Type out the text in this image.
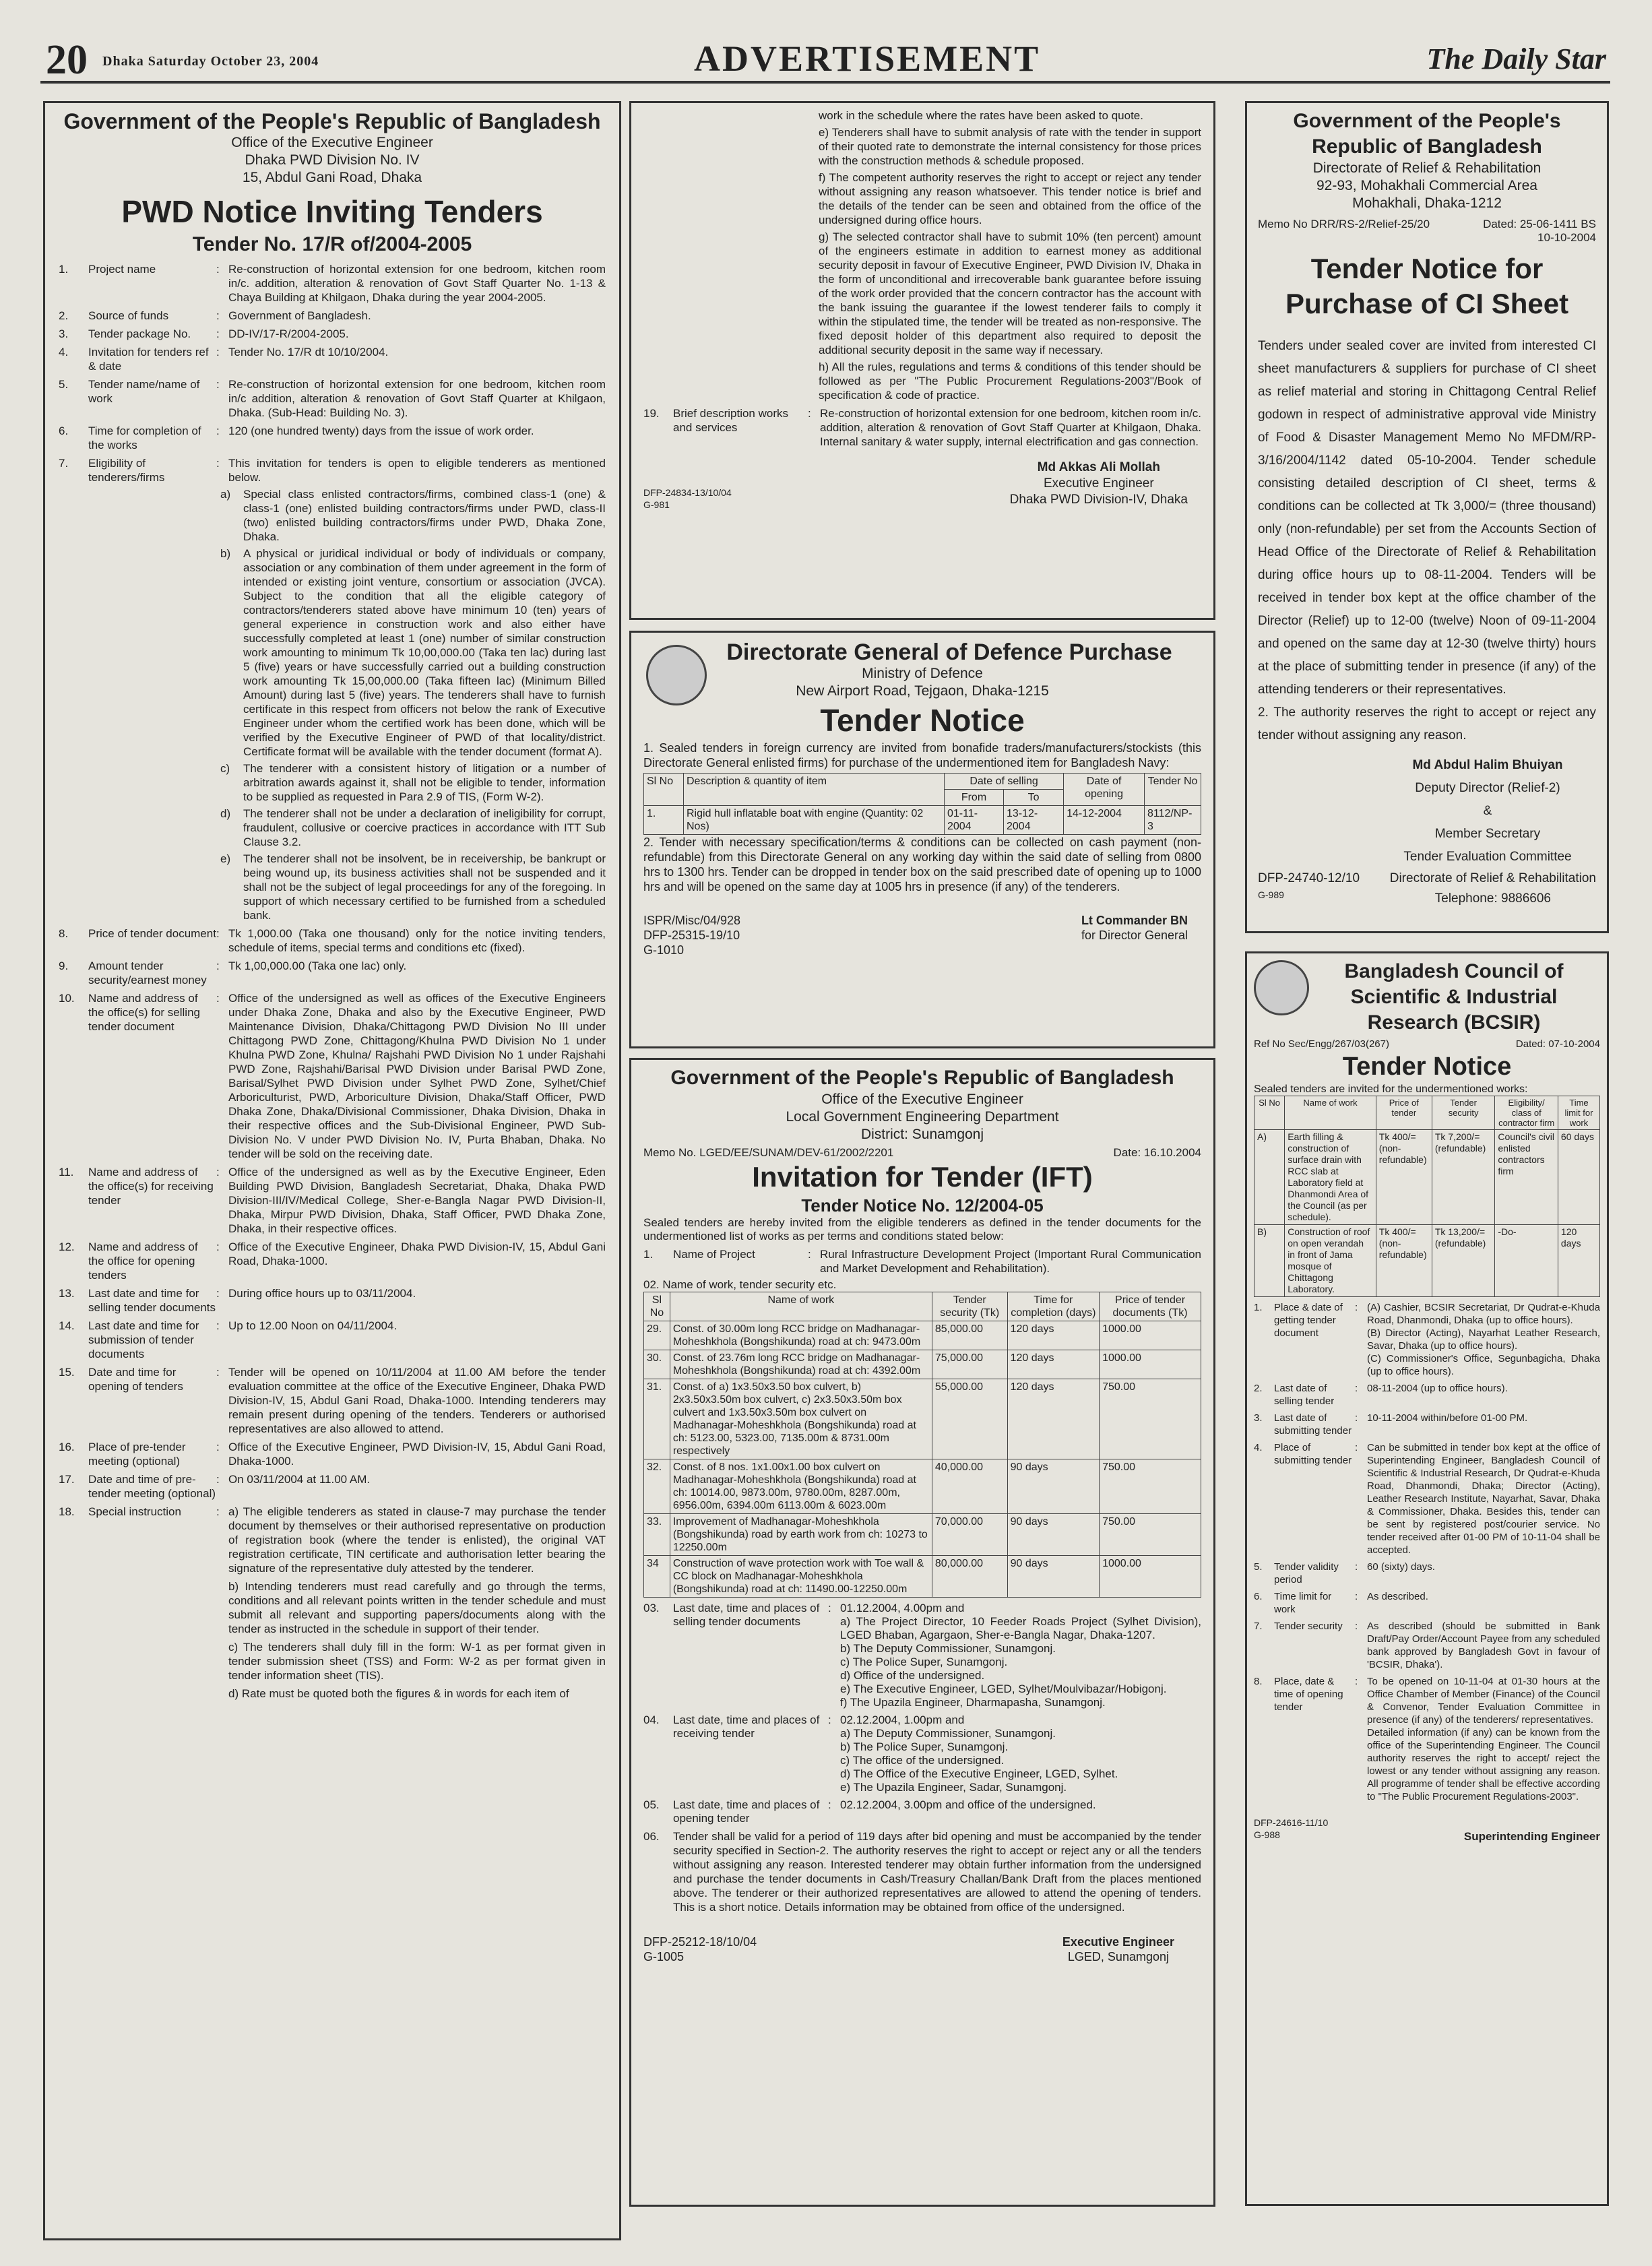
20 Dhaka Saturday October 23, 2004	ADVERTISEMENT	The Daily Star
Government of the People's Republic of Bangladesh
Office of the Executive Engineer
Dhaka PWD Division No. IV
15, Abdul Gani Road, Dhaka
PWD Notice Inviting Tenders
Tender No. 17/R of/2004-2005
1.	Project name	: Re-construction of horizontal extension for one bedroom, kitchen room in/c. addition, alteration & renovation of Govt Staff Quarter No. 1-13 & Chaya Building at Khilgaon, Dhaka during the year 2004-2005.
2.	Source of funds	: Government of Bangladesh.
3.	Tender package No.	: DD-IV/17-R/2004-2005.
4.	Invitation for tenders ref & date
: Tender No. 17/R dt 10/10/2004.
5.	Tender name/name of work
: Re-construction of horizontal extension for one bedroom, kitchen room in/c addition, alteration & renovation of Govt Staff Quarter at Khilgaon, Dhaka. (Sub-Head: Building No. 3).
6.	Time for completion of the works
: 120 (one hundred twenty) days from the issue of work order.
7.	Eligibility of tenderers/firms
: This invitation for tenders is open to eligible tenderers as mentioned below.
a)	Special class enlisted contractors/firms, combined class-1 (one) & class-1 (one) enlisted building contractors/firms under PWD, class-II (two) enlisted building contractors/firms under PWD, Dhaka Zone, Dhaka.
b)	A physical or juridical individual or body of individuals or company, association or any combination of them under agreement in the form of intended or existing joint venture, consortium or association (JVCA). Subject to the condition that all the eligible category of contractors/tenderers stated above have minimum 10 (ten) years of general experience in construction work and also either have successfully completed at least 1 (one) number of similar construction work amounting to minimum Tk 10,00,000.00 (Taka ten lac) during last 5 (five) years or have successfully carried out a building construction work amounting Tk 15,00,000.00 (Taka fifteen lac) (Minimum Billed Amount) during last 5 (five) years. The tenderers shall have to furnish certificate in this respect from officers not below the rank of Executive Engineer under whom the certified work has been done, which will be verified by the Executive Engineer of PWD of that locality/district. Certificate format will be available with the tender document (format A).
c)	The tenderer with a consistent history of litigation or a number of arbitration awards against it, shall not be eligible to tender, information to be supplied as requested in Para 2.9 of TIS, (Form W-2).
d)	The tenderer shall not be under a declaration of ineligibility for corrupt, fraudulent, collusive or coercive practices in accordance with ITT Sub Clause 3.2.
e)	The tenderer shall not be insolvent, be in receivership, be bankrupt or being wound up, its business activities shall not be suspended and it shall not be the subject of legal proceedings for any of the foregoing. In support of which necessary certified to be furnished from a scheduled bank.
8.	Price of tender document : Tk 1,000.00 (Taka one thousand) only for the notice inviting tenders, schedule of items, special terms and conditions etc (fixed).
9.	Amount tender security/earnest money
: Tk 1,00,000.00 (Taka one lac) only.
10.	Name and address of the office(s) for selling tender document
: Office of the undersigned as well as offices of the Executive Engineers under Dhaka Zone, Dhaka and also by the Executive Engineer, PWD Maintenance Division, Dhaka/Chittagong PWD Division No III under Chittagong PWD Zone, Chittagong/Khulna PWD Division No 1 under Khulna PWD Zone, Khulna/ Rajshahi PWD Division No 1 under Rajshahi PWD Zone, Rajshahi/Barisal PWD Division under Barisal PWD Zone, Barisal/Sylhet PWD Division under Sylhet PWD Zone, Sylhet/Chief Arboriculturist, PWD, Arboriculture Division, Dhaka/Staff Officer, PWD Dhaka Zone, Dhaka/Divisional Commissioner, Dhaka Division, Dhaka in their respective offices and the Sub-Divisional Engineer, PWD Sub-Division No. V under PWD Division No. IV, Purta Bhaban, Dhaka. No tender will be sold on the receiving date.
11.	Name and address of the office(s) for receiving tender
: Office of the undersigned as well as by the Executive Engineer, Eden Building PWD Division, Bangladesh Secretariat, Dhaka, Dhaka PWD Division-III/IV/Medical College, Sher-e-Bangla Nagar PWD Division-II, Dhaka, Mirpur PWD Division, Dhaka, Staff Officer, PWD Dhaka Zone, Dhaka, in their respective offices.
12.	Name and address of the office for opening tenders
: Office of the Executive Engineer, Dhaka PWD Division-IV, 15, Abdul Gani Road, Dhaka-1000.
13.	Last date and time for selling tender documents
: During office hours up to 03/11/2004.
14.	Last date and time for submission of tender documents
: Up to 12.00 Noon on 04/11/2004.
15.	Date and time for opening of tenders
: Tender will be opened on 10/11/2004 at 11.00 AM before the tender evaluation committee at the office of the Executive Engineer, Dhaka PWD Division-IV, 15, Abdul Gani Road, Dhaka-1000. Intending tenderers may remain present during opening of the tenders. Tenderers or authorised representatives are also allowed to attend.
16.	Place of pre-tender meeting (optional)
: Office of the Executive Engineer, PWD Division-IV, 15, Abdul Gani Road, Dhaka-1000.
17.	Date and time of pre-tender meeting (optional)
: On 03/11/2004 at 11.00 AM.
18.	Special instruction	: a) The eligible tenderers as stated in clause-7 may purchase the tender document by themselves or their authorised representative on production of registration book (where the tender is enlisted), the original VAT registration certificate, TIN certificate and authorisation letter bearing the signature of the representative duly attested by the tenderer.
b) Intending tenderers must read carefully and go through the terms, conditions and all relevant points written in the tender schedule and must submit all relevant and supporting papers/documents along with the tender as instructed in the schedule in support of their tender.
c) The tenderers shall duly fill in the form: W-1 as per format given in tender submission sheet (TSS) and Form: W-2 as per format given in tender information sheet (TIS).
d) Rate must be quoted both the figures & in words for each item of
work in the schedule where the rates have been asked to quote.
e) Tenderers shall have to submit analysis of rate with the tender in support of their quoted rate to demonstrate the internal consistency for those prices with the construction methods & schedule proposed.
f) The competent authority reserves the right to accept or reject any tender without assigning any reason whatsoever. This tender notice is brief and the details of the tender can be seen and obtained from the office of the undersigned during office hours.
g) The selected contractor shall have to submit 10% (ten percent) amount of the engineers estimate in addition to earnest money as additional security deposit in favour of Executive Engineer, PWD Division IV, Dhaka in the form of unconditional and irrecoverable bank guarantee before issuing of the work order provided that the concern contractor has the account with the bank issuing the guarantee if the lowest tenderer fails to comply it within the stipulated time, the tender will be treated as non-responsive. The fixed deposit holder of this department also required to deposit the additional security deposit in the same way if necessary.
h) All the rules, regulations and terms & conditions of this tender should be followed as per "The Public Procurement Regulations-2003"/Book of specification & code of practice.
19.	Brief description works and services
: Re-construction of horizontal extension for one bedroom, kitchen room in/c. addition, alteration & renovation of Govt Staff Quarter at Khilgaon, Dhaka. Internal sanitary & water supply, internal electrification and gas connection.
DFP-24834-13/10/04
G-981
Md Akkas Ali Mollah
Executive Engineer
Dhaka PWD Division-IV, Dhaka
Directorate General of Defence Purchase
Ministry of Defence
New Airport Road, Tejgaon, Dhaka-1215
Tender Notice
1. Sealed tenders in foreign currency are invited from bonafide traders/manufacturers/stockists (this Directorate General enlisted firms) for purchase of the undermentioned item for Bangladesh Navy:
Sl No	Description & quantity of item	Date of selling		Date of opening	Tender No
		From	To		
1.	Rigid hull inflatable boat with engine (Quantity: 02 Nos)	01-11-2004	13-12-2004	14-12-2004	8112/NP-3
2. Tender with necessary specification/terms & conditions can be collected on cash payment (non-refundable) from this Directorate General on any working day within the said date of selling from 0800 hrs to 1300 hrs. Tender can be dropped in tender box on the said prescribed date of opening up to 1000 hrs and will be opened on the same day at 1005 hrs in presence (if any) of the tenderers.
ISPR/Misc/04/928
DFP-25315-19/10
G-1010
Lt Commander BN
for Director General
Government of the People's Republic of Bangladesh
Office of the Executive Engineer
Local Government Engineering Department
District: Sunamgonj
Memo No. LGED/EE/SUNAM/DEV-61/2002/2201	Date: 16.10.2004
Invitation for Tender (IFT)
Tender Notice No. 12/2004-05
Sealed tenders are hereby invited from the eligible tenderers as defined in the tender documents for the undermentioned list of works as per terms and conditions stated below:
1.	Name of Project	: Rural Infrastructure Development Project (Important Rural Communication and Market Development and Rehabilitation).
02. Name of work, tender security etc.
Sl No	Name of work	Tender security (Tk)	Time for completion (days)	Price of tender documents (Tk)
29.	Const. of 30.00m long RCC bridge on Madhanagar-Moheshkhola (Bongshikunda) road at ch: 9473.00m	85,000.00	120 days	1000.00
30.	Const. of 23.76m long RCC bridge on Madhanagar-Moheshkhola (Bongshikunda) road at ch: 4392.00m	75,000.00	120 days	1000.00
31.	Const. of a) 1x3.50x3.50 box culvert, b) 2x3.50x3.50m box culvert, c) 2x3.50x3.50m box culvert and 1x3.50x3.50m box culvert on Madhanagar-Moheshkhola (Bongshikunda) road at ch: 5123.00, 5323.00, 7135.00m & 8731.00m respectively	55,000.00	120 days	750.00
32.	Const. of 8 nos. 1x1.00x1.00 box culvert on Madhanagar-Moheshkhola (Bongshikunda) road at ch: 10014.00, 9873.00m, 9780.00m, 8287.00m, 6956.00m, 6394.00m 6113.00m & 6023.00m	40,000.00	90 days	750.00
33.	Improvement of Madhanagar-Moheshkhola (Bongshikunda) road by earth work from ch: 10273 to 12250.00m	70,000.00	90 days	750.00
34	Construction of wave protection work with Toe wall & CC block on Madhanagar-Moheshkhola (Bongshikunda) road at ch: 11490.00-12250.00m	80,000.00	90 days	1000.00
03.	Last date, time and places of selling tender documents
: 01.12.2004, 4.00pm and
a) The Project Director, 10 Feeder Roads Project (Sylhet Division), LGED Bhaban, Agargaon, Sher-e-Bangla Nagar, Dhaka-1207.
b) The Deputy Commissioner, Sunamgonj.
c) The Police Super, Sunamgonj.
d) Office of the undersigned.
e) The Executive Engineer, LGED, Sylhet/Moulvibazar/Hobigonj.
f) The Upazila Engineer, Dharmapasha, Sunamgonj.
04.	Last date, time and places of receiving tender
: 02.12.2004, 1.00pm and
a) The Deputy Commissioner, Sunamgonj.
b) The Police Super, Sunamgonj.
c) The office of the undersigned.
d) The Office of the Executive Engineer, LGED, Sylhet.
e) The Upazila Engineer, Sadar, Sunamgonj.
05.	Last date, time and places of opening tender
: 02.12.2004, 3.00pm and office of the undersigned.
06.	Tender shall be valid for a period of 119 days after bid opening and must be accompanied by the tender security specified in Section-2. The authority reserves the right to accept or reject any or all the tenders without assigning any reason. Interested tenderer may obtain further information from the undersigned and purchase the tender documents in Cash/Treasury Challan/Bank Draft from the places mentioned above. The tenderer or their authorized representatives are allowed to attend the opening of tenders. This is a short notice. Details information may be obtained from office of the undersigned.
DFP-25212-18/10/04
G-1005
Executive Engineer
LGED, Sunamgonj
Government of the People's Republic of Bangladesh
Directorate of Relief & Rehabilitation
92-93, Mohakhali Commercial Area
Mohakhali, Dhaka-1212
Memo No DRR/RS-2/Relief-25/20	Dated: 25-06-1411 BS
10-10-2004
Tender Notice for Purchase of CI Sheet
Tenders under sealed cover are invited from interested CI sheet manufacturers & suppliers for purchase of CI sheet as relief material and storing in Chittagong Central Relief godown in respect of administrative approval vide Ministry of Food & Disaster Management Memo No MFDM/RP-3/16/2004/1142 dated 05-10-2004. Tender schedule consisting detailed description of CI sheet, terms & conditions can be collected at Tk 3,000/= (three thousand) only (non-refundable) per set from the Accounts Section of Head Office of the Directorate of Relief & Rehabilitation during office hours up to 08-11-2004. Tenders will be received in tender box kept at the office chamber of the Director (Relief) up to 12-00 (twelve) Noon of 09-11-2004 and opened on the same day at 12-30 (twelve thirty) hours at the place of submitting tender in presence (if any) of the attending tenderers or their representatives.
2. The authority reserves the right to accept or reject any tender without assigning any reason.
Md Abdul Halim Bhuiyan
Deputy Director (Relief-2)
&
Member Secretary
Tender Evaluation Committee
DFP-24740-12/10
G-989
Directorate of Relief & Rehabilitation
Telephone: 9886606
Bangladesh Council of Scientific & Industrial Research (BCSIR)
Ref No Sec/Engg/267/03(267)	Dated: 07-10-2004
Tender Notice
Sealed tenders are invited for the undermentioned works:
Sl No	Name of work	Price of tender	Tender security	Eligibility/ class of contractor firm	Time limit for work
A)	Earth filling & construction of surface drain with RCC slab at Laboratory field at Dhanmondi Area of the Council (as per schedule).	Tk 400/= (non-refundable)	Tk 7,200/= (refundable)	Council's civil enlisted contractors firm	60 days
B)	Construction of roof on open verandah in front of Jama mosque of Chittagong Laboratory.	Tk 400/= (non-refundable)	Tk 13,200/= (refundable)	-Do-	120 days
1.	Place & date of getting tender document
: (A) Cashier, BCSIR Secretariat, Dr Qudrat-e-Khuda Road, Dhanmondi, Dhaka (up to office hours).
(B) Director (Acting), Nayarhat Leather Research, Savar, Dhaka (up to office hours).
(C) Commissioner's Office, Segunbagicha, Dhaka (up to office hours).
2.	Last date of selling tender
: 08-11-2004 (up to office hours).
3.	Last date of submitting tender
: 10-11-2004 within/before 01-00 PM.
4.	Place of submitting tender
: Can be submitted in tender box kept at the office of Superintending Engineer, Bangladesh Council of Scientific & Industrial Research, Dr Qudrat-e-Khuda Road, Dhanmondi, Dhaka; Director (Acting), Leather Research Institute, Nayarhat, Savar, Dhaka & Commissioner, Dhaka. Besides this, tender can be sent by registered post/courier service. No tender received after 01-00 PM of 10-11-04 shall be accepted.
5.	Tender validity period
: 60 (sixty) days.
6.	Time limit for work
: As described.
7.	Tender security	: As described (should be submitted in Bank Draft/Pay Order/Account Payee from any scheduled bank approved by Bangladesh Govt in favour of 'BCSIR, Dhaka').
8.	Place, date & time of opening tender
: To be opened on 10-11-04 at 01-30 hours at the Office Chamber of Member (Finance) of the Council & Convenor, Tender Evaluation Committee in presence (if any) of the tenderers/ representatives.
Detailed information (if any) can be known from the office of the Superintending Engineer. The Council authority reserves the right to accept/ reject the lowest or any tender without assigning any reason. All programme of tender shall be effective according to "The Public Procurement Regulations-2003".
DFP-24616-11/10
G-988	Superintending Engineer
